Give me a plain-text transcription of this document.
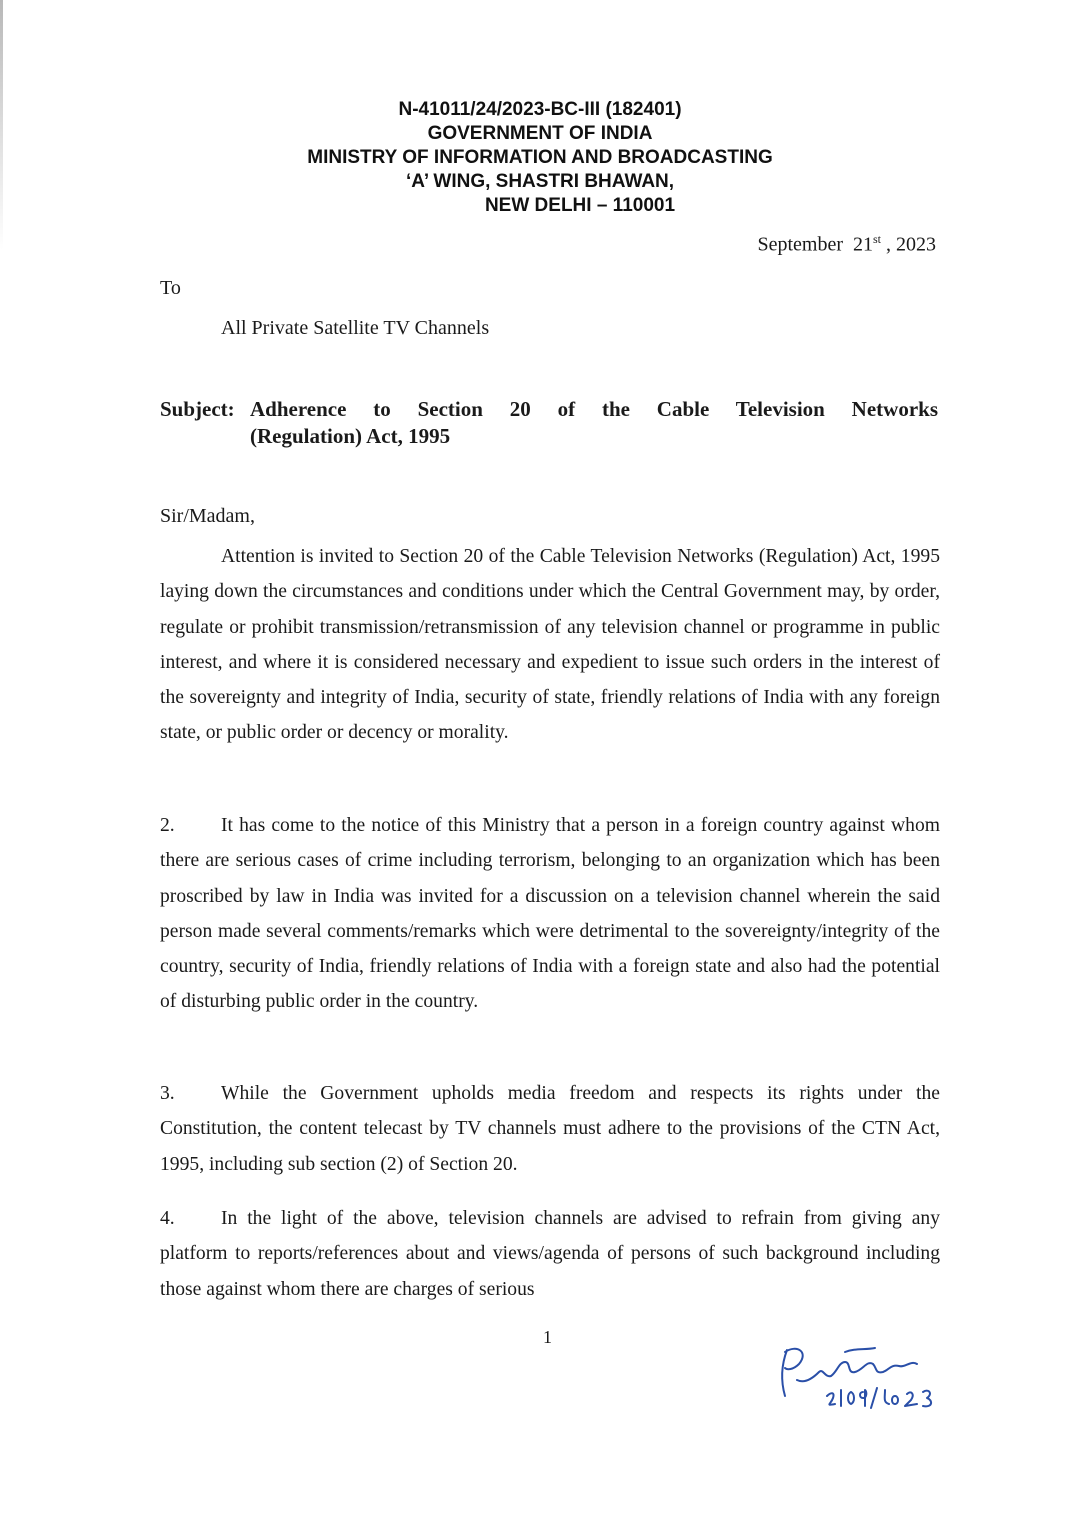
N-41011/24/2023-BC-III (182401)
GOVERNMENT OF INDIA
MINISTRY OF INFORMATION AND BROADCASTING
‘A’ WING, SHASTRI BHAWAN,
NEW DELHI – 110001
September 21st , 2023
To
All Private Satellite TV Channels
Subject: Adherence to Section 20 of the Cable Television Networks
(Regulation) Act, 1995
Sir/Madam,

Attention is invited to Section 20 of the Cable Television Networks (Regulation) Act, 1995 laying down the circumstances and conditions under which the Central Government may, by order, regulate or prohibit transmission/retransmission of any television channel or programme in public interest, and where it is considered necessary and expedient to issue such orders in the interest of the sovereignty and integrity of India, security of state, friendly relations of India with any foreign state, or public order or decency or morality.

2. It has come to the notice of this Ministry that a person in a foreign country against whom there are serious cases of crime including terrorism, belonging to an organization which has been proscribed by law in India was invited for a discussion on a television channel wherein the said person made several comments/remarks which were detrimental to the sovereignty/integrity of the country, security of India, friendly relations of India with a foreign state and also had the potential of disturbing public order in the country.

3. While the Government upholds media freedom and respects its rights under the Constitution, the content telecast by TV channels must adhere to the provisions of the CTN Act, 1995, including sub section (2) of Section 20.

4. In the light of the above, television channels are advised to refrain from giving any platform to reports/references about and views/agenda of persons of such background including those against whom there are charges of serious

1
